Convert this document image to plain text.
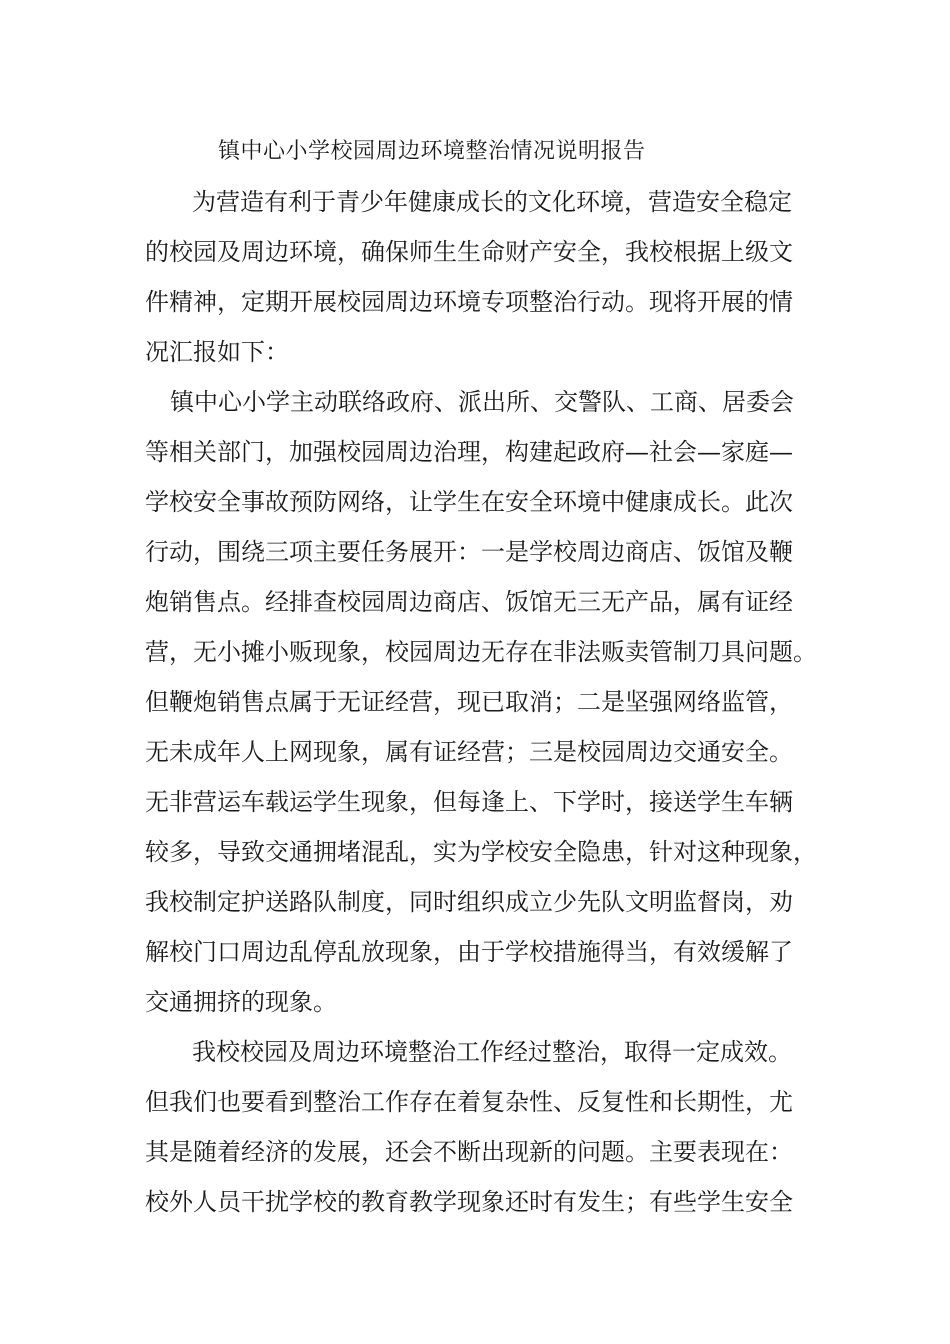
镇中心小学校园周边环境整治情况说明报告
为营造有利于青少年健康成长的文化环境，营造安全稳定
的校园及周边环境，确保师生生命财产安全，我校根据上级文
件精神，定期开展校园周边环境专项整治行动。现将开展的情
况汇报如下：
镇中心小学主动联络政府、派出所、交警队、工商、居委会
等相关部门，加强校园周边治理，构建起政府—社会—家庭—
学校安全事故预防网络，让学生在安全环境中健康成长。此次
行动，围绕三项主要任务展开：一是学校周边商店、饭馆及鞭
炮销售点。经排查校园周边商店、饭馆无三无产品，属有证经
营，无小摊小贩现象，校园周边无存在非法贩卖管制刀具问题。
但鞭炮销售点属于无证经营，现已取消；二是坚强网络监管，
无未成年人上网现象，属有证经营；三是校园周边交通安全。
无非营运车载运学生现象，但每逢上、下学时，接送学生车辆
较多，导致交通拥堵混乱，实为学校安全隐患，针对这种现象，
我校制定护送路队制度，同时组织成立少先队文明监督岗，劝
解校门口周边乱停乱放现象，由于学校措施得当，有效缓解了
交通拥挤的现象。
我校校园及周边环境整治工作经过整治，取得一定成效。
但我们也要看到整治工作存在着复杂性、反复性和长期性，尤
其是随着经济的发展，还会不断出现新的问题。主要表现在：
校外人员干扰学校的教育教学现象还时有发生；有些学生安全
